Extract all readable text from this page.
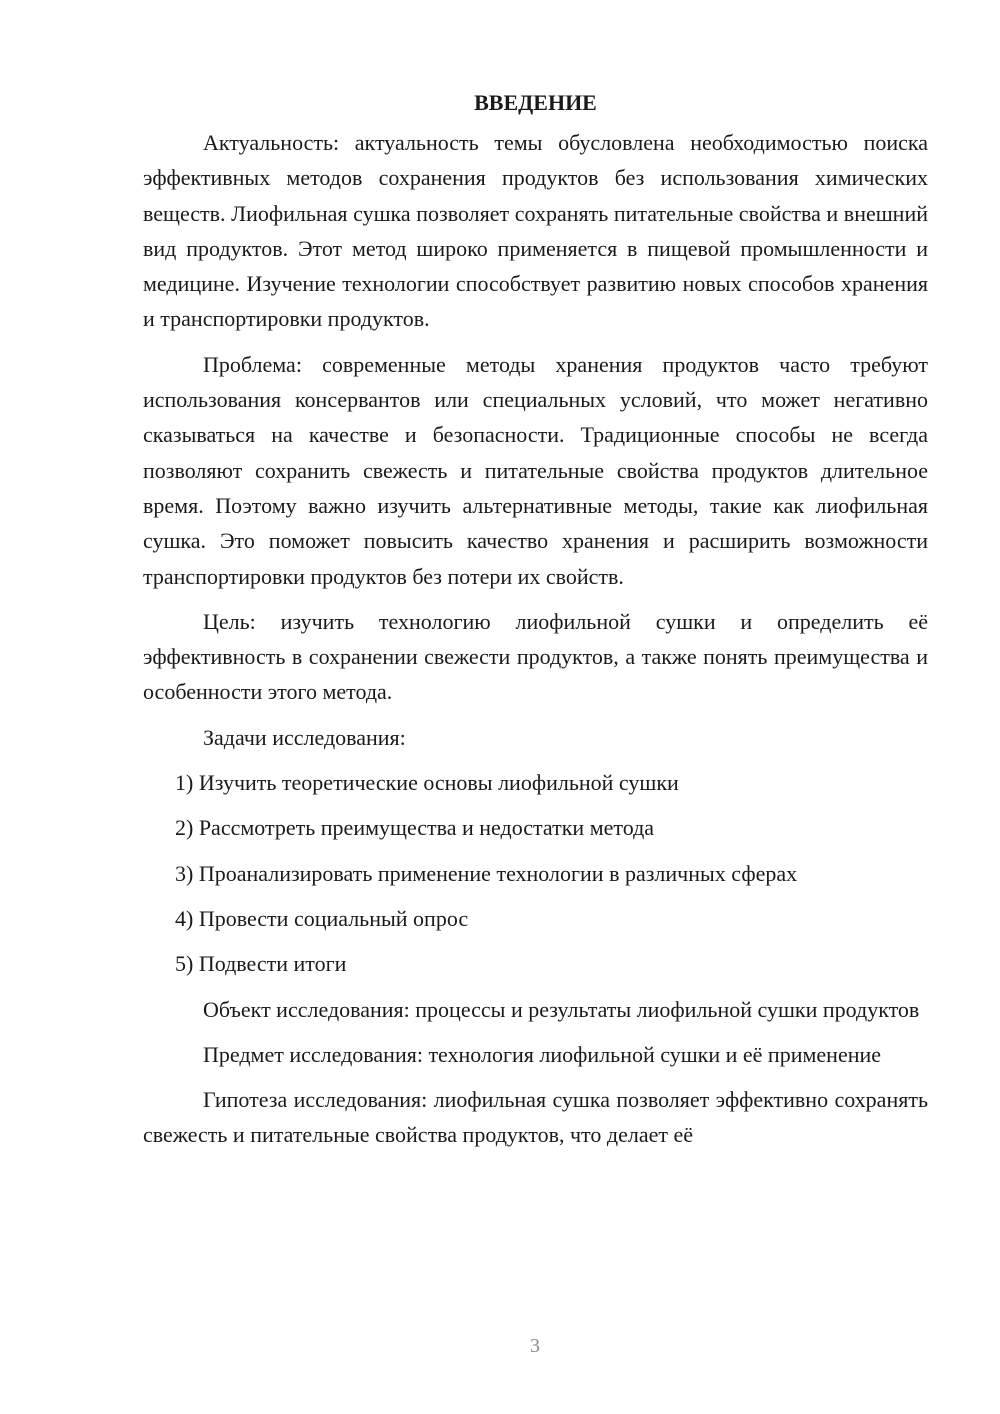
ВВЕДЕНИЕ

Актуальность: актуальность темы обусловлена необходимостью поиска эффективных методов сохранения продуктов без использования химических веществ. Лиофильная сушка позволяет сохранять питательные свойства и внешний вид продуктов. Этот метод широко применяется в пищевой промышленности и медицине. Изучение технологии способствует развитию новых способов хранения и транспортировки продуктов.

Проблема: современные методы хранения продуктов часто требуют использования консервантов или специальных условий, что может негативно сказываться на качестве и безопасности. Традиционные способы не всегда позволяют сохранить свежесть и питательные свойства продуктов длительное время. Поэтому важно изучить альтернативные методы, такие как лиофильная сушка. Это поможет повысить качество хранения и расширить возможности транспортировки продуктов без потери их свойств.

Цель: изучить технологию лиофильной сушки и определить её эффективность в сохранении свежести продуктов, а также понять преимущества и особенности этого метода.

Задачи исследования:

1) Изучить теоретические основы лиофильной сушки
2) Рассмотреть преимущества и недостатки метода
3) Проанализировать применение технологии в различных сферах
4) Провести социальный опрос
5) Подвести итоги

Объект исследования: процессы и результаты лиофильной сушки продуктов

Предмет исследования: технология лиофильной сушки и её применение

Гипотеза исследования: лиофильная сушка позволяет эффективно сохранять свежесть и питательные свойства продуктов, что делает её

3
